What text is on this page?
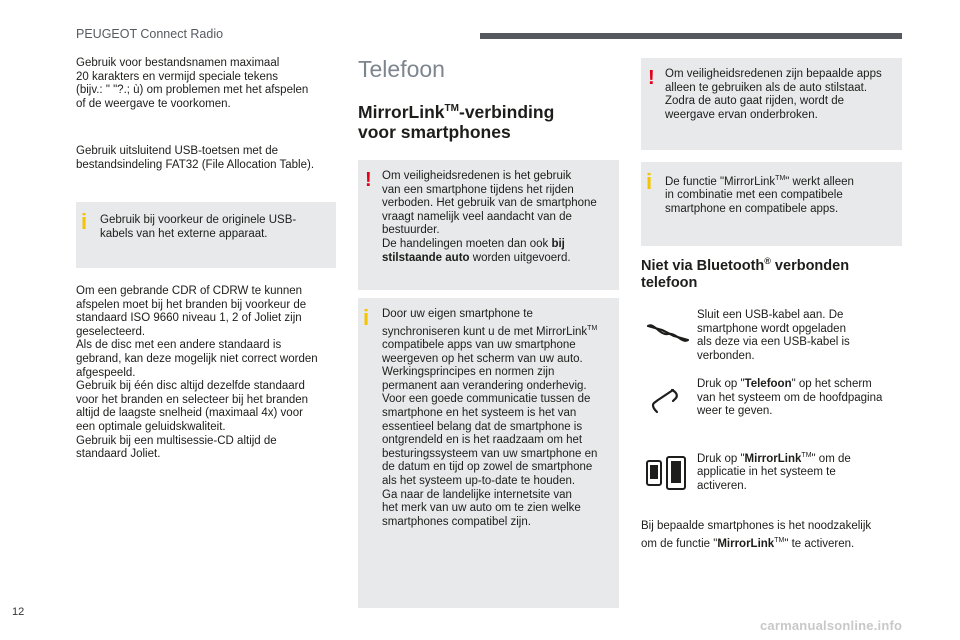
PEUGEOT Connect Radio

Gebruik voor bestandsnamen maximaal

20 karakters en vermijd speciale tekens

(bijv.: " "?.; ù) om problemen met het afspelen

of de weergave te voorkomen.

Gebruik uitsluitend USB-toetsen met de

bestandsindeling FAT32 (File Allocation Table).

i Gebruik bij voorkeur de originele USB-

kabels van het externe apparaat.

Om een gebrande CDR of CDRW te kunnen

afspelen moet bij het branden bij voorkeur de

standaard ISO 9660 niveau 1, 2 of Joliet zijn

geselecteerd.

Als de disc met een andere standaard is

gebrand, kan deze mogelijk niet correct worden

afgespeeld.

Gebruik bij één disc altijd dezelfde standaard

voor het branden en selecteer bij het branden

altijd de laagste snelheid (maximaal 4x) voor

een optimale geluidskwaliteit.

Gebruik bij een multisessie-CD altijd de

standaard Joliet.

Telefoon
MirrorLink™-verbinding
voor smartphones
! Om veiligheidsredenen is het gebruik

van een smartphone tijdens het rijden

verboden. Het gebruik van de smartphone

vraagt namelijk veel aandacht van de

bestuurder.

De handelingen moeten dan ook bij

stilstaande auto worden uitgevoerd.

i Door uw eigen smartphone te

synchroniseren kunt u de met MirrorLink™

compatibele apps van uw smartphone

weergeven op het scherm van uw auto.

Werkingsprincipes en normen zijn

permanent aan verandering onderhevig.

Voor een goede communicatie tussen de

smartphone en het systeem is het van

essentieel belang dat de smartphone is

ontgrendeld en is het raadzaam om het

besturingssysteem van uw smartphone en

de datum en tijd op zowel de smartphone

als het systeem up-to-date te houden.

Ga naar de landelijke internetsite van

het merk van uw auto om te zien welke

smartphones compatibel zijn.

! Om veiligheidsredenen zijn bepaalde apps

alleen te gebruiken als de auto stilstaat.

Zodra de auto gaat rijden, wordt de

weergave ervan onderbroken.

i De functie "MirrorLink™" werkt alleen

in combinatie met een compatibele

smartphone en compatibele apps.

Niet via Bluetooth® verbonden
telefoon

Sluit een USB-kabel aan. De

smartphone wordt opgeladen

als deze via een USB-kabel is

verbonden.

Druk op "Telefoon" op het scherm

van het systeem om de hoofdpagina

weer te geven.

Druk op "MirrorLink™" om de

applicatie in het systeem te

activeren.

Bij bepaalde smartphones is het noodzakelijk

om de functie "MirrorLink™" te activeren.

12
carmanualsonline.info
